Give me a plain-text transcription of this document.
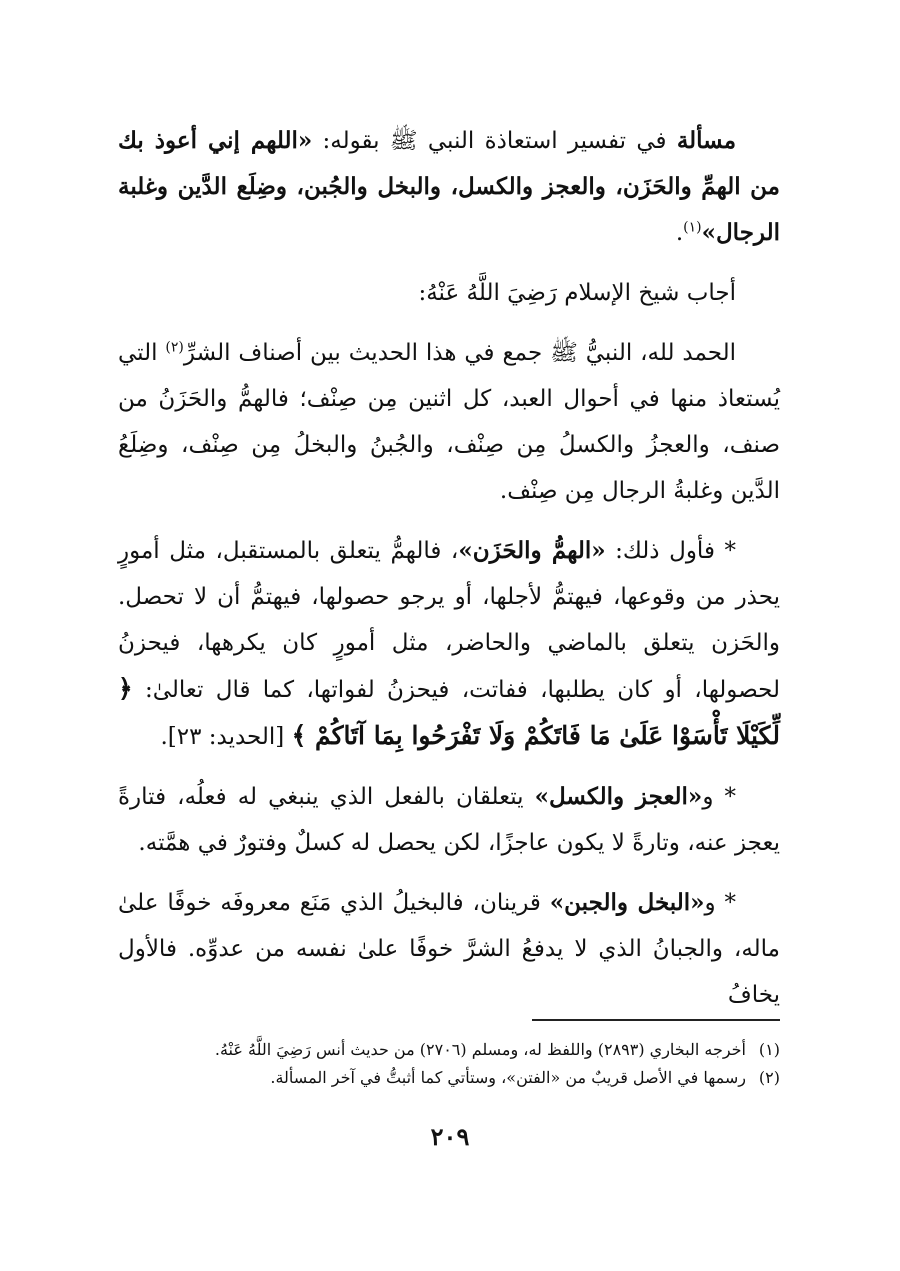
مسألة في تفسير استعاذة النبي ﷺ بقوله: «اللهم إني أعوذ بك من الهمِّ والحَزَن، والعجز والكسل، والبخل والجُبن، وضِلَع الدَّين وغلبة الرجال»$^{(١)}$.

أجاب شيخ الإسلام رَضِيَ اللَّهُ عَنْهُ:

الحمد لله، النبيُّ ﷺ جمع في هذا الحديث بين أصناف الشرِّ$^{(٢)}$ التي يُستعاذ منها في أحوال العبد، كل اثنين مِن صِنْف؛ فالهمُّ والحَزَنُ من صنف، والعجزُ والكسلُ مِن صِنْف، والجُبنُ والبخلُ مِن صِنْف، وضِلَعُ الدَّين وغلبةُ الرجال مِن صِنْف.

* فأول ذلك: «الهمُّ والحَزَن»، فالهمُّ يتعلق بالمستقبل، مثل أمورٍ يحذر من وقوعها، فيهتمُّ لأجلها، أو يرجو حصولها، فيهتمُّ أن لا تحصل. والحَزن يتعلق بالماضي والحاضر، مثل أمورٍ كان يكرهها، فيحزنُ لحصولها، أو كان يطلبها، ففاتت، فيحزنُ لفواتها، كما قال تعالىٰ: ﴿ لِّكَيْلَا تَأْسَوْا عَلَىٰ مَا فَاتَكُمْ وَلَا تَفْرَحُوا بِمَا آتَاكُمْ ﴾ [الحديد: ٢٣].

* و«العجز والكسل» يتعلقان بالفعل الذي ينبغي له فعلُه، فتارةً يعجز عنه، وتارةً لا يكون عاجزًا، لكن يحصل له كسلٌ وفتورٌ في همَّته.

* و«البخل والجبن» قرينان، فالبخيلُ الذي مَنَع معروفَه خوفًا علىٰ ماله، والجبانُ الذي لا يدفعُ الشرَّ خوفًا علىٰ نفسه من عدوِّه. فالأول يخافُ

(١)أخرجه البخاري (٢٨٩٣) واللفظ له، ومسلم (٢٧٠٦) من حديث أنس رَضِيَ اللَّهُ عَنْهُ.

(٢)رسمها في الأصل قريبٌ من «الفتن»، وستأتي كما أثبتُّ في آخر المسألة.

٢٠٩
